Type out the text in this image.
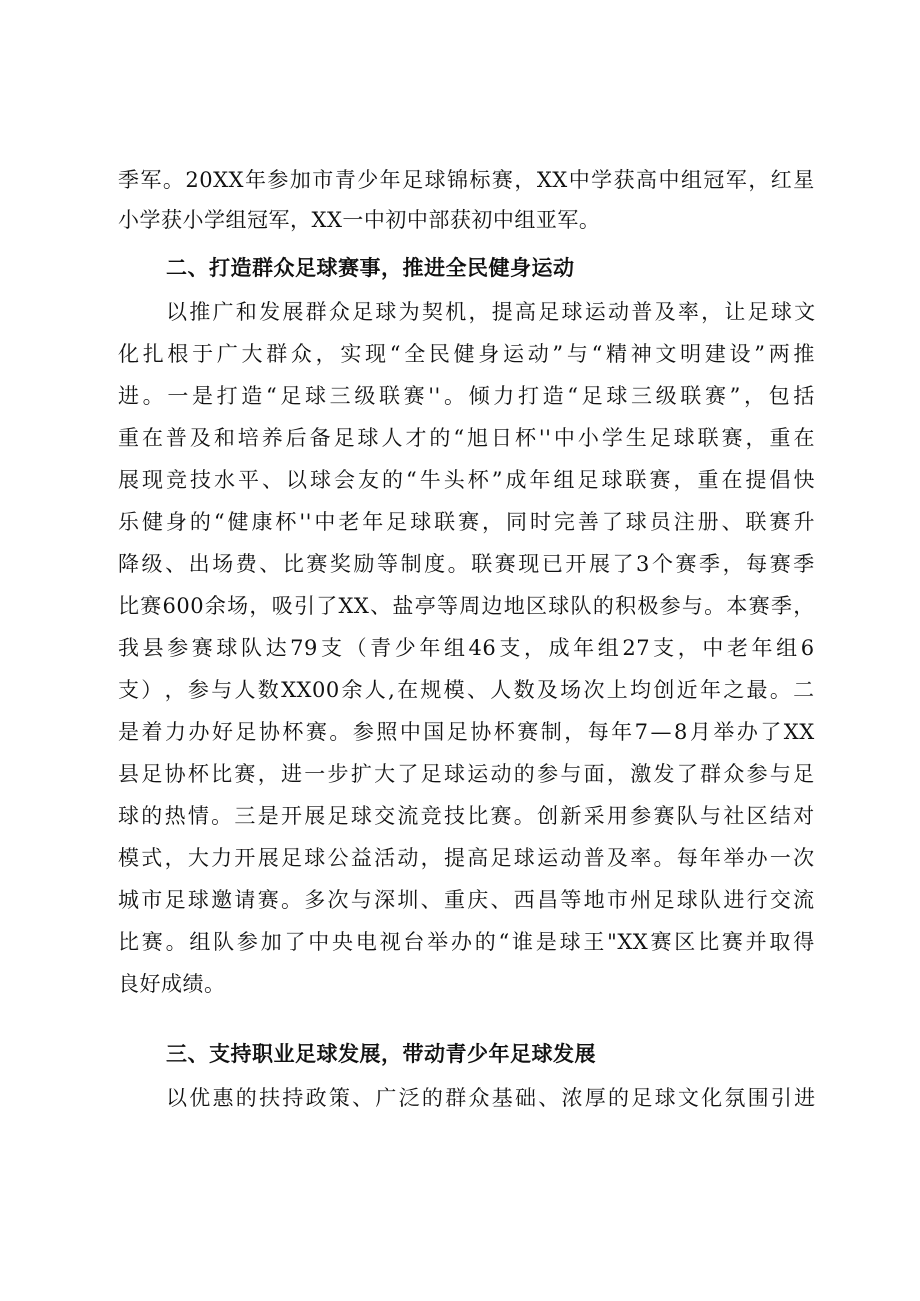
季 军 。 20XX 年 参 加 市 青 少 年 足 球 锦 标 赛 ， XX 中 学 获 高 中 组 冠 军 ， 红 星
小学获小学组冠军，XX一中初中部获初中组亚军。
二、打造群众足球赛事，推进全民健身运动
以 推 广 和 发 展 群 众 足 球 为 契 机 ， 提 高 足 球 运 动 普 及 率 ， 让 足 球 文
化 扎 根 于 广 大 群 众 ， 实 现 “ 全 民 健 身 运 动 ” 与 “ 精 神 文 明 建 设 ” 两 推
进 。 一 是 打 造 “ 足 球 三 级 联 赛 '' 。 倾 力 打 造 “ 足 球 三 级 联 赛 ” ， 包 括
重 在 普 及 和 培 养 后 备 足 球 人 才 的 “ 旭 日 杯 '' 中 小 学 生 足 球 联 赛 ， 重 在
展 现 竞 技 水 平 、 以 球 会 友 的 “ 牛 头 杯 ” 成 年 组 足 球 联 赛 ， 重 在 提 倡 快
乐 健 身 的 “ 健 康 杯 '' 中 老 年 足 球 联 赛 ， 同 时 完 善 了 球 员 注 册 、 联 赛 升
降 级 、 出 场 费 、 比 赛 奖 励 等 制 度 。 联 赛 现 已 开 展 了 3 个 赛 季 ， 每 赛 季
比 赛 600 余 场 ， 吸 引 了 XX 、 盐 亭 等 周 边 地 区 球 队 的 积 极 参 与 。 本 赛 季 ，
我 县 参 赛 球 队 达 79 支 （ 青 少 年 组 46 支 ， 成 年 组 27 支 ， 中 老 年 组 6
支 ） ， 参 与 人 数 XX00 余 人 , 在 规 模 、 人 数 及 场 次 上 均 创 近 年 之 最 。 二
是 着 力 办 好 足 协 杯 赛 。 参 照 中 国 足 协 杯 赛 制 ， 每 年 7 — 8 月 举 办 了 XX
县 足 协 杯 比 赛 ， 进 一 步 扩 大 了 足 球 运 动 的 参 与 面 ， 激 发 了 群 众 参 与 足
球 的 热 情 。 三 是 开 展 足 球 交 流 竞 技 比 赛 。 创 新 采 用 参 赛 队 与 社 区 结 对
模 式 ， 大 力 开 展 足 球 公 益 活 动 ， 提 高 足 球 运 动 普 及 率 。 每 年 举 办 一 次
城 市 足 球 邀 请 赛 。 多 次 与 深 圳 、 重 庆 、 西 昌 等 地 市 州 足 球 队 进 行 交 流
比 赛 。 组 队 参 加 了 中 央 电 视 台 举 办 的 “ 谁 是 球 王 "XX 赛 区 比 赛 并 取 得
良好成绩。
三、支持职业足球发展，带动青少年足球发展
以 优 惠 的 扶 持 政 策 、 广 泛 的 群 众 基 础 、 浓 厚 的 足 球 文 化 氛 围 引 进
